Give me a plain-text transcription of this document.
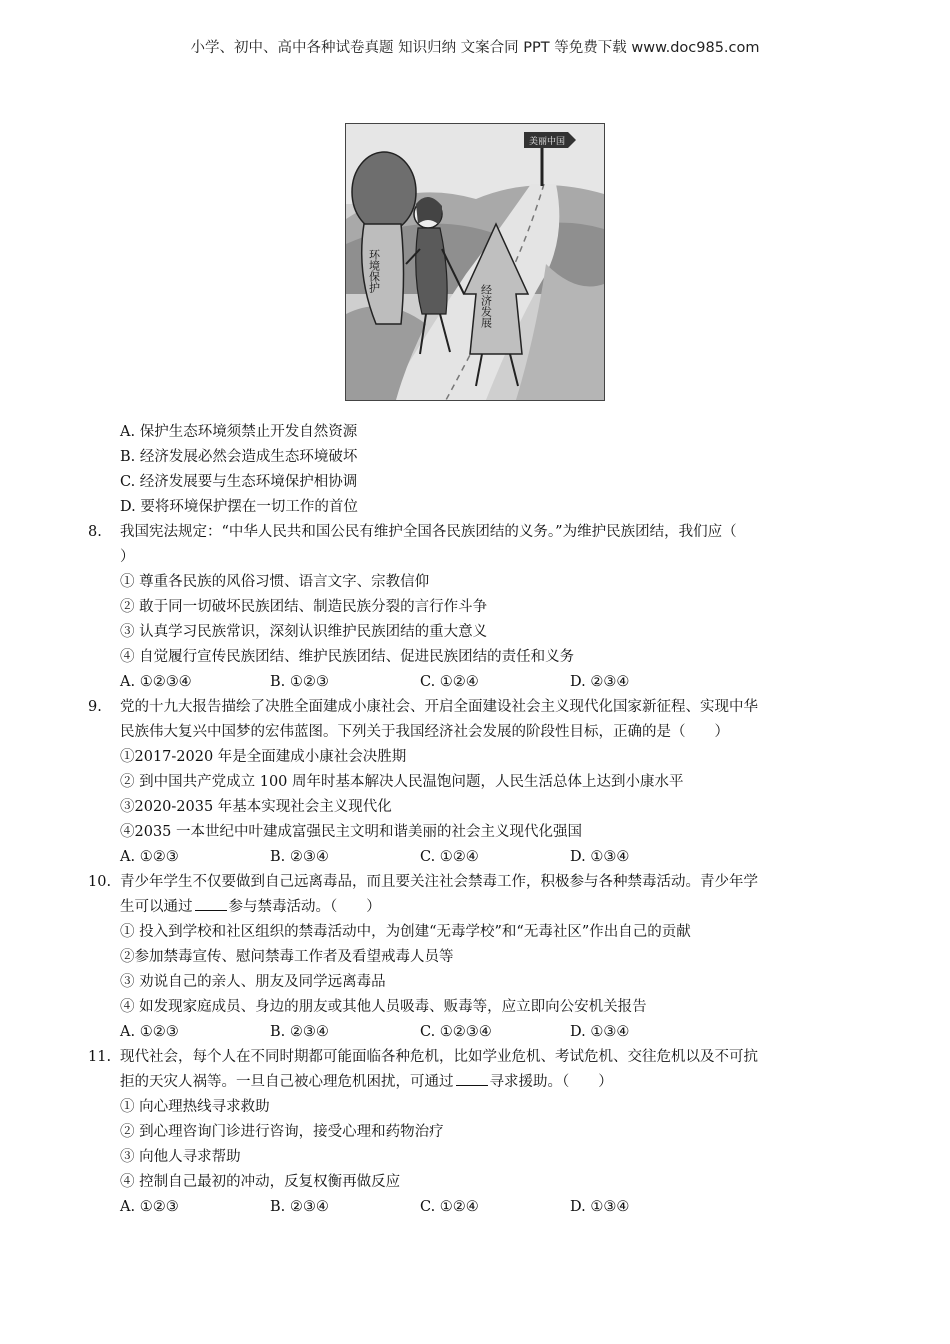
小学、初中、高中各种试卷真题 知识归纳 文案合同 PPT 等免费下载 www.doc985.com
美丽中国
环境保护
经济发展
A. 保护生态环境须禁止开发自然资源
B. 经济发展必然会造成生态环境破坏
C. 经济发展要与生态环境保护相协调
D. 要将环境保护摆在一切工作的首位
8. 我国宪法规定：“中华人民共和国公民有维护全国各民族团结的义务。”为维护民族团结，我们应（
）
① 尊重各民族的风俗习惯、语言文字、宗教信仰
② 敢于同一切破坏民族团结、制造民族分裂的言行作斗争
③ 认真学习民族常识，深刻认识维护民族团结的重大意义
④ 自觉履行宣传民族团结、维护民族团结、促进民族团结的责任和义务
A. ①②③④	B. ①②③	C. ①②④	D. ②③④
9. 党的十九大报告描绘了决胜全面建成小康社会、开启全面建设社会主义现代化国家新征程、实现中华
民族伟大复兴中国梦的宏伟蓝图。下列关于我国经济社会发展的阶段性目标，正确的是（　　）
①2017-2020 年是全面建成小康社会决胜期
② 到中国共产党成立 100 周年时基本解决人民温饱问题，人民生活总体上达到小康水平
③2020-2035 年基本实现社会主义现代化
④2035 一本世纪中叶建成富强民主文明和谐美丽的社会主义现代化强国
A. ①②③	B. ②③④	C. ①②④	D. ①③④
10. 青少年学生不仅要做到自己远离毒品，而且要关注社会禁毒工作，积极参与各种禁毒活动。青少年学
生可以通过 参与禁毒活动。（　　）
① 投入到学校和社区组织的禁毒活动中，为创建“无毒学校”和“无毒社区”作出自己的贡献
②参加禁毒宣传、慰问禁毒工作者及看望戒毒人员等
③ 劝说自己的亲人、朋友及同学远离毒品
④ 如发现家庭成员、身边的朋友或其他人员吸毒、贩毒等，应立即向公安机关报告
A. ①②③	B. ②③④	C. ①②③④	D. ①③④
11. 现代社会，每个人在不同时期都可能面临各种危机，比如学业危机、考试危机、交往危机以及不可抗
拒的天灾人祸等。一旦自己被心理危机困扰，可通过 寻求援助。（　　）
① 向心理热线寻求救助
② 到心理咨询门诊进行咨询，接受心理和药物治疗
③ 向他人寻求帮助
④ 控制自己最初的冲动，反复权衡再做反应
A. ①②③	B. ②③④	C. ①②④	D. ①③④
